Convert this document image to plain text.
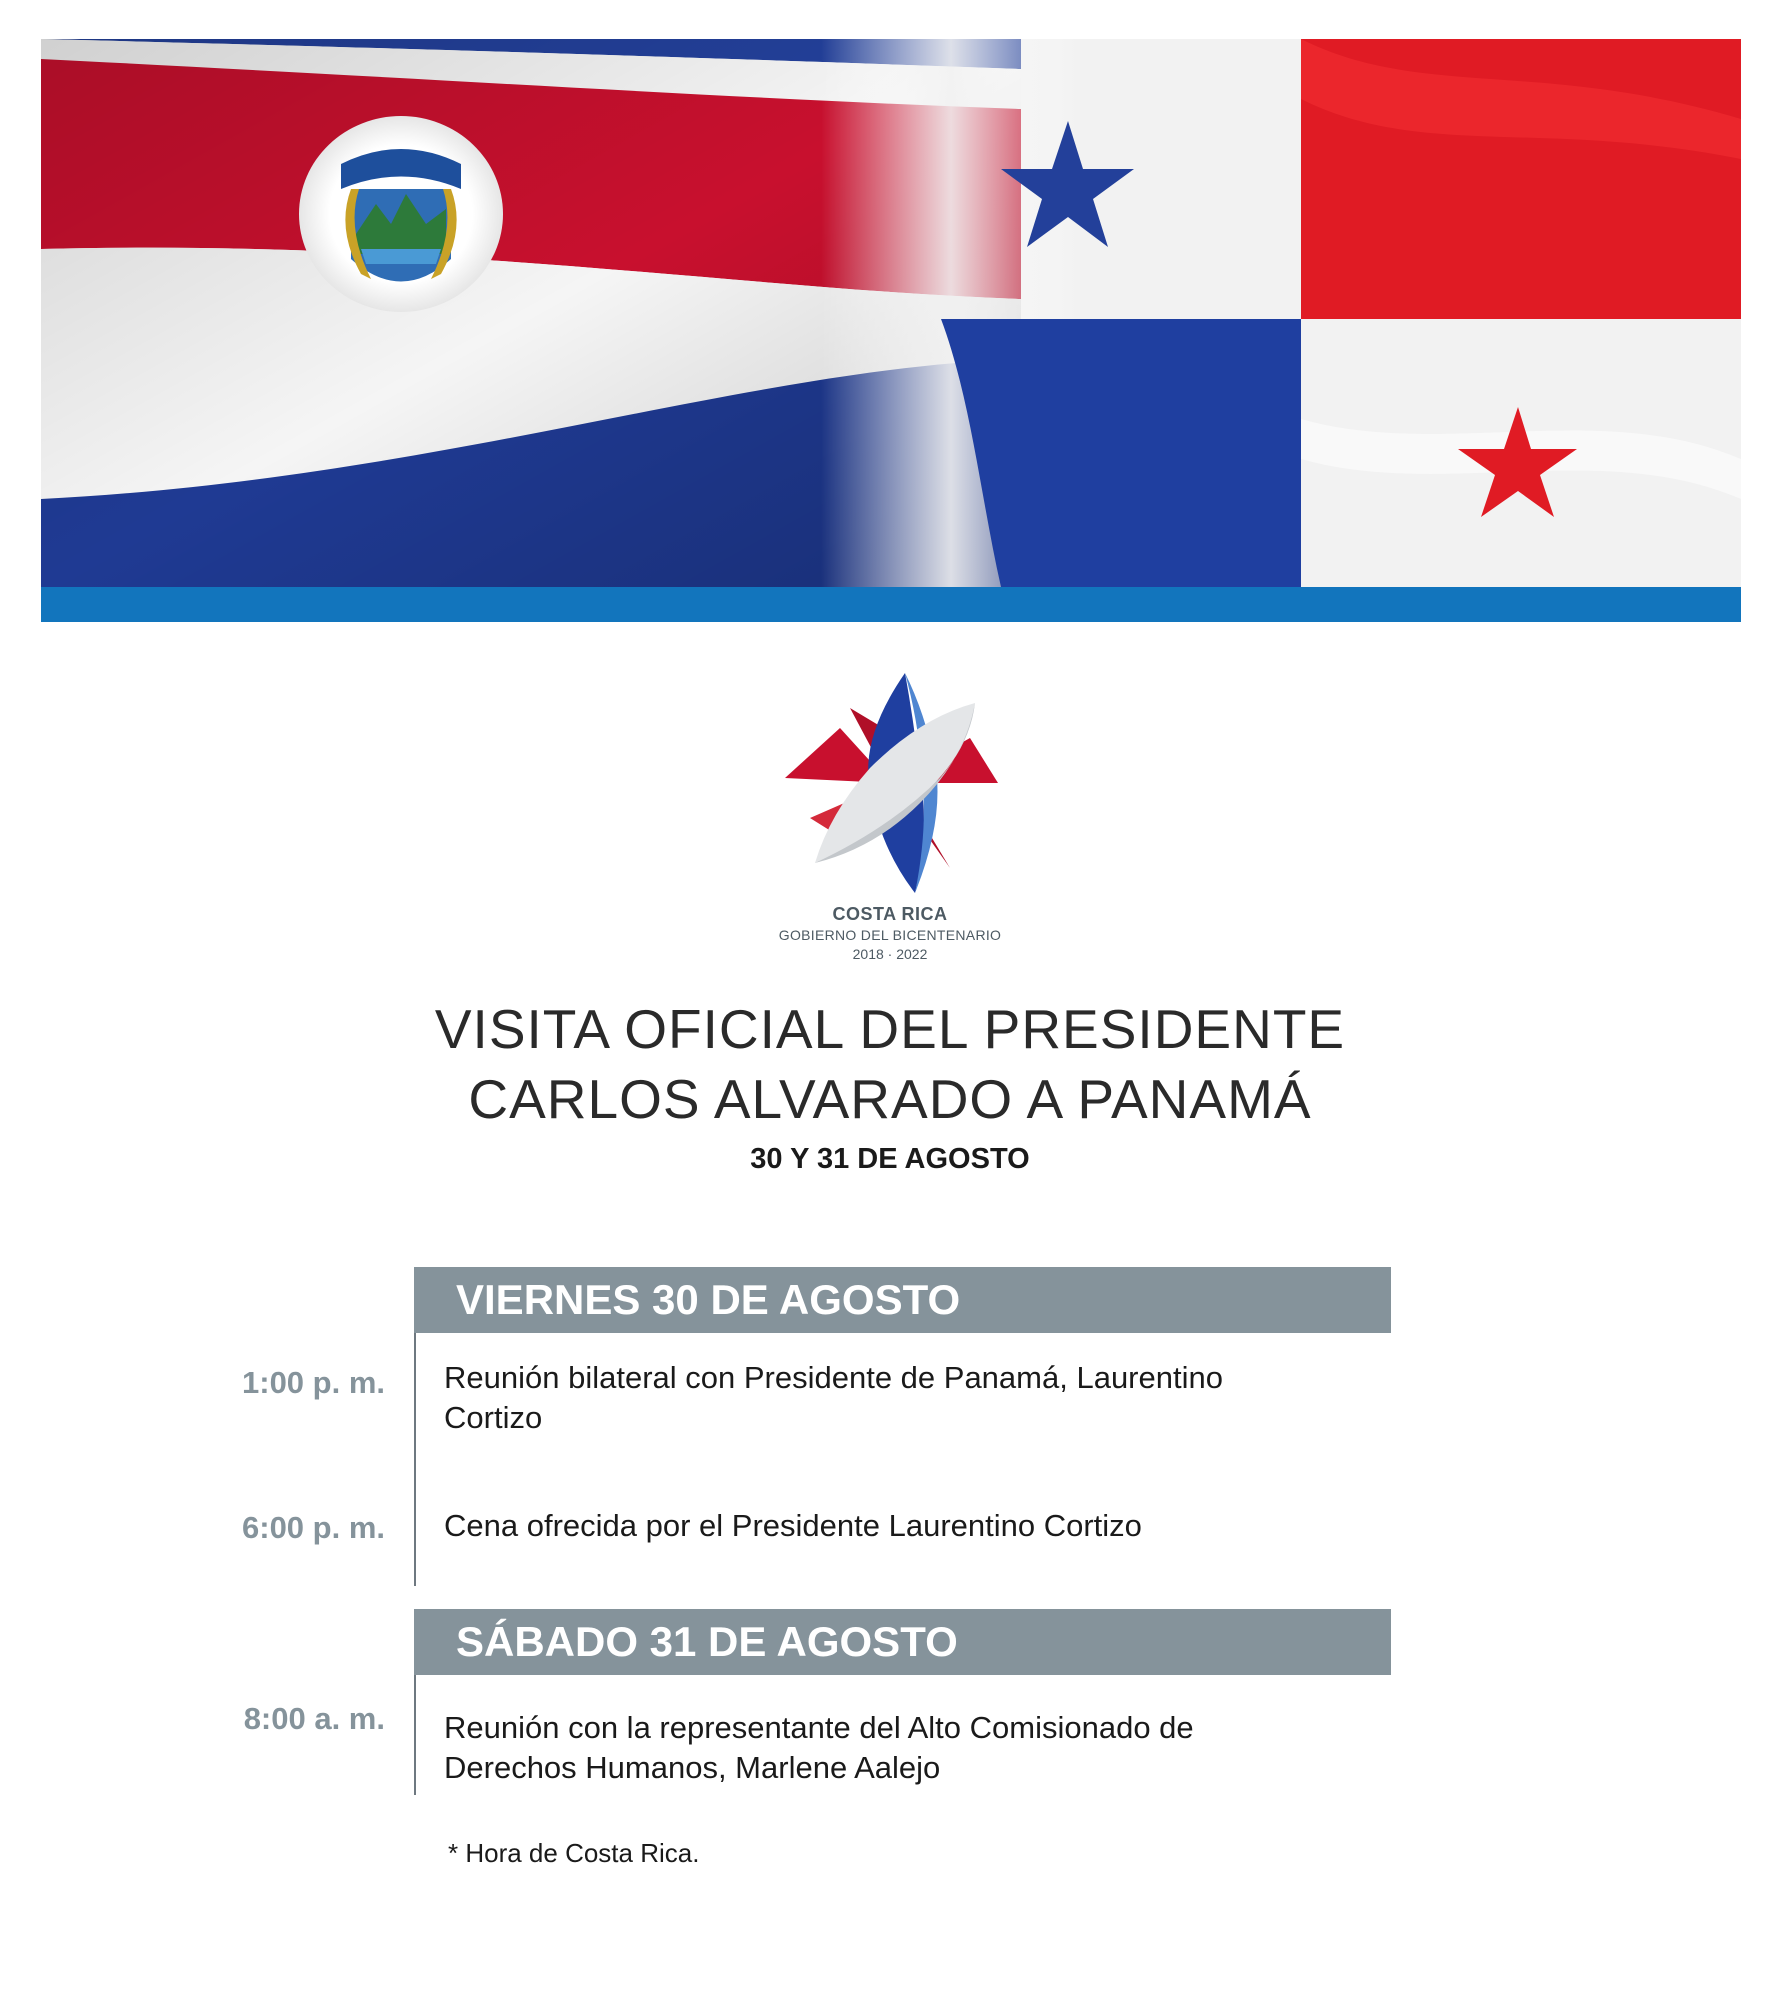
COSTA RICA
GOBIERNO DEL BICENTENARIO
2018 · 2022
VISITA OFICIAL DEL PRESIDENTE
CARLOS ALVARADO A PANAMÁ
30 Y 31 DE AGOSTO
VIERNES 30 DE AGOSTO
1:00 p. m. Reunión bilateral con Presidente de Panamá, Laurentino
Cortizo
6:00 p. m. Cena ofrecida por el Presidente Laurentino Cortizo
SÁBADO 31 DE AGOSTO
8:00 a. m. Reunión con la representante del Alto Comisionado de
Derechos Humanos, Marlene Aalejo
* Hora de Costa Rica.
